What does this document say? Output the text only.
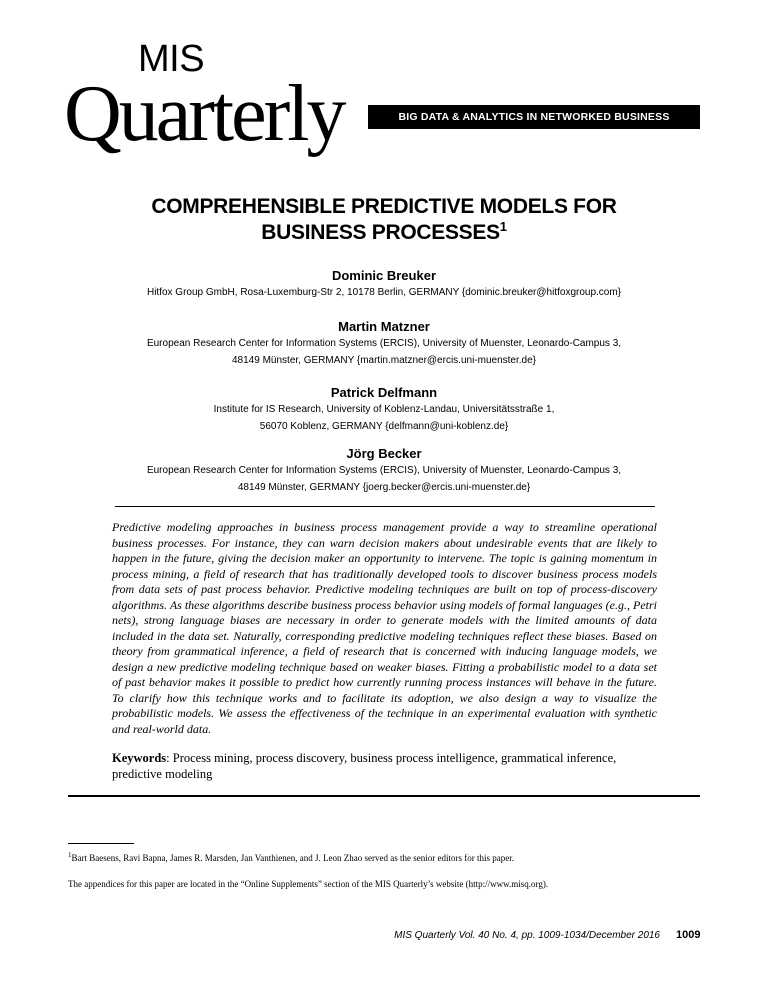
MIS
Quarterly	BIG DATA & ANALYTICS IN NETWORKED BUSINESS
COMPREHENSIBLE PREDICTIVE MODELS FOR
BUSINESS PROCESSES$^1$
Dominic Breuker
Hitfox Group GmbH, Rosa-Luxemburg-Str 2, 10178 Berlin, GERMANY {dominic.breuker@hitfoxgroup.com}
Martin Matzner
European Research Center for Information Systems (ERCIS), University of Muenster, Leonardo-Campus 3,
48149 Münster, GERMANY {martin.matzner@ercis.uni-muenster.de}
Patrick Delfmann
Institute for IS Research, University of Koblenz-Landau, Universitätsstraße 1,
56070 Koblenz, GERMANY {delfmann@uni-koblenz.de}
Jörg Becker
European Research Center for Information Systems (ERCIS), University of Muenster, Leonardo-Campus 3,
48149 Münster, GERMANY {joerg.becker@ercis.uni-muenster.de}
Predictive modeling approaches in business process management provide a way to streamline operational business processes. For instance, they can warn decision makers about undesirable events that are likely to happen in the future, giving the decision maker an opportunity to intervene. The topic is gaining momentum in process mining, a field of research that has traditionally developed tools to discover business process models from data sets of past process behavior. Predictive modeling techniques are built on top of process-discovery algorithms. As these algorithms describe business process behavior using models of formal languages (e.g., Petri nets), strong language biases are necessary in order to generate models with the limited amounts of data included in the data set. Naturally, corresponding predictive modeling techniques reflect these biases. Based on theory from grammatical inference, a field of research that is concerned with inducing language models, we design a new predictive modeling technique based on weaker biases. Fitting a probabilistic model to a data set of past behavior makes it possible to predict how currently running process instances will behave in the future. To clarify how this technique works and to facilitate its adoption, we also design a way to visualize the probabilistic models. We assess the effectiveness of the technique in an experimental evaluation with synthetic and real-world data.
Keywords: Process mining, process discovery, business process intelligence, grammatical inference, predictive modeling
$^1$Bart Baesens, Ravi Bapna, James R. Marsden, Jan Vanthienen, and J. Leon Zhao served as the senior editors for this paper.
The appendices for this paper are located in the “Online Supplements” section of the MIS Quarterly’s website (http://www.misq.org).
MIS Quarterly Vol. 40 No. 4, pp. 1009-1034/December 2016 1009
